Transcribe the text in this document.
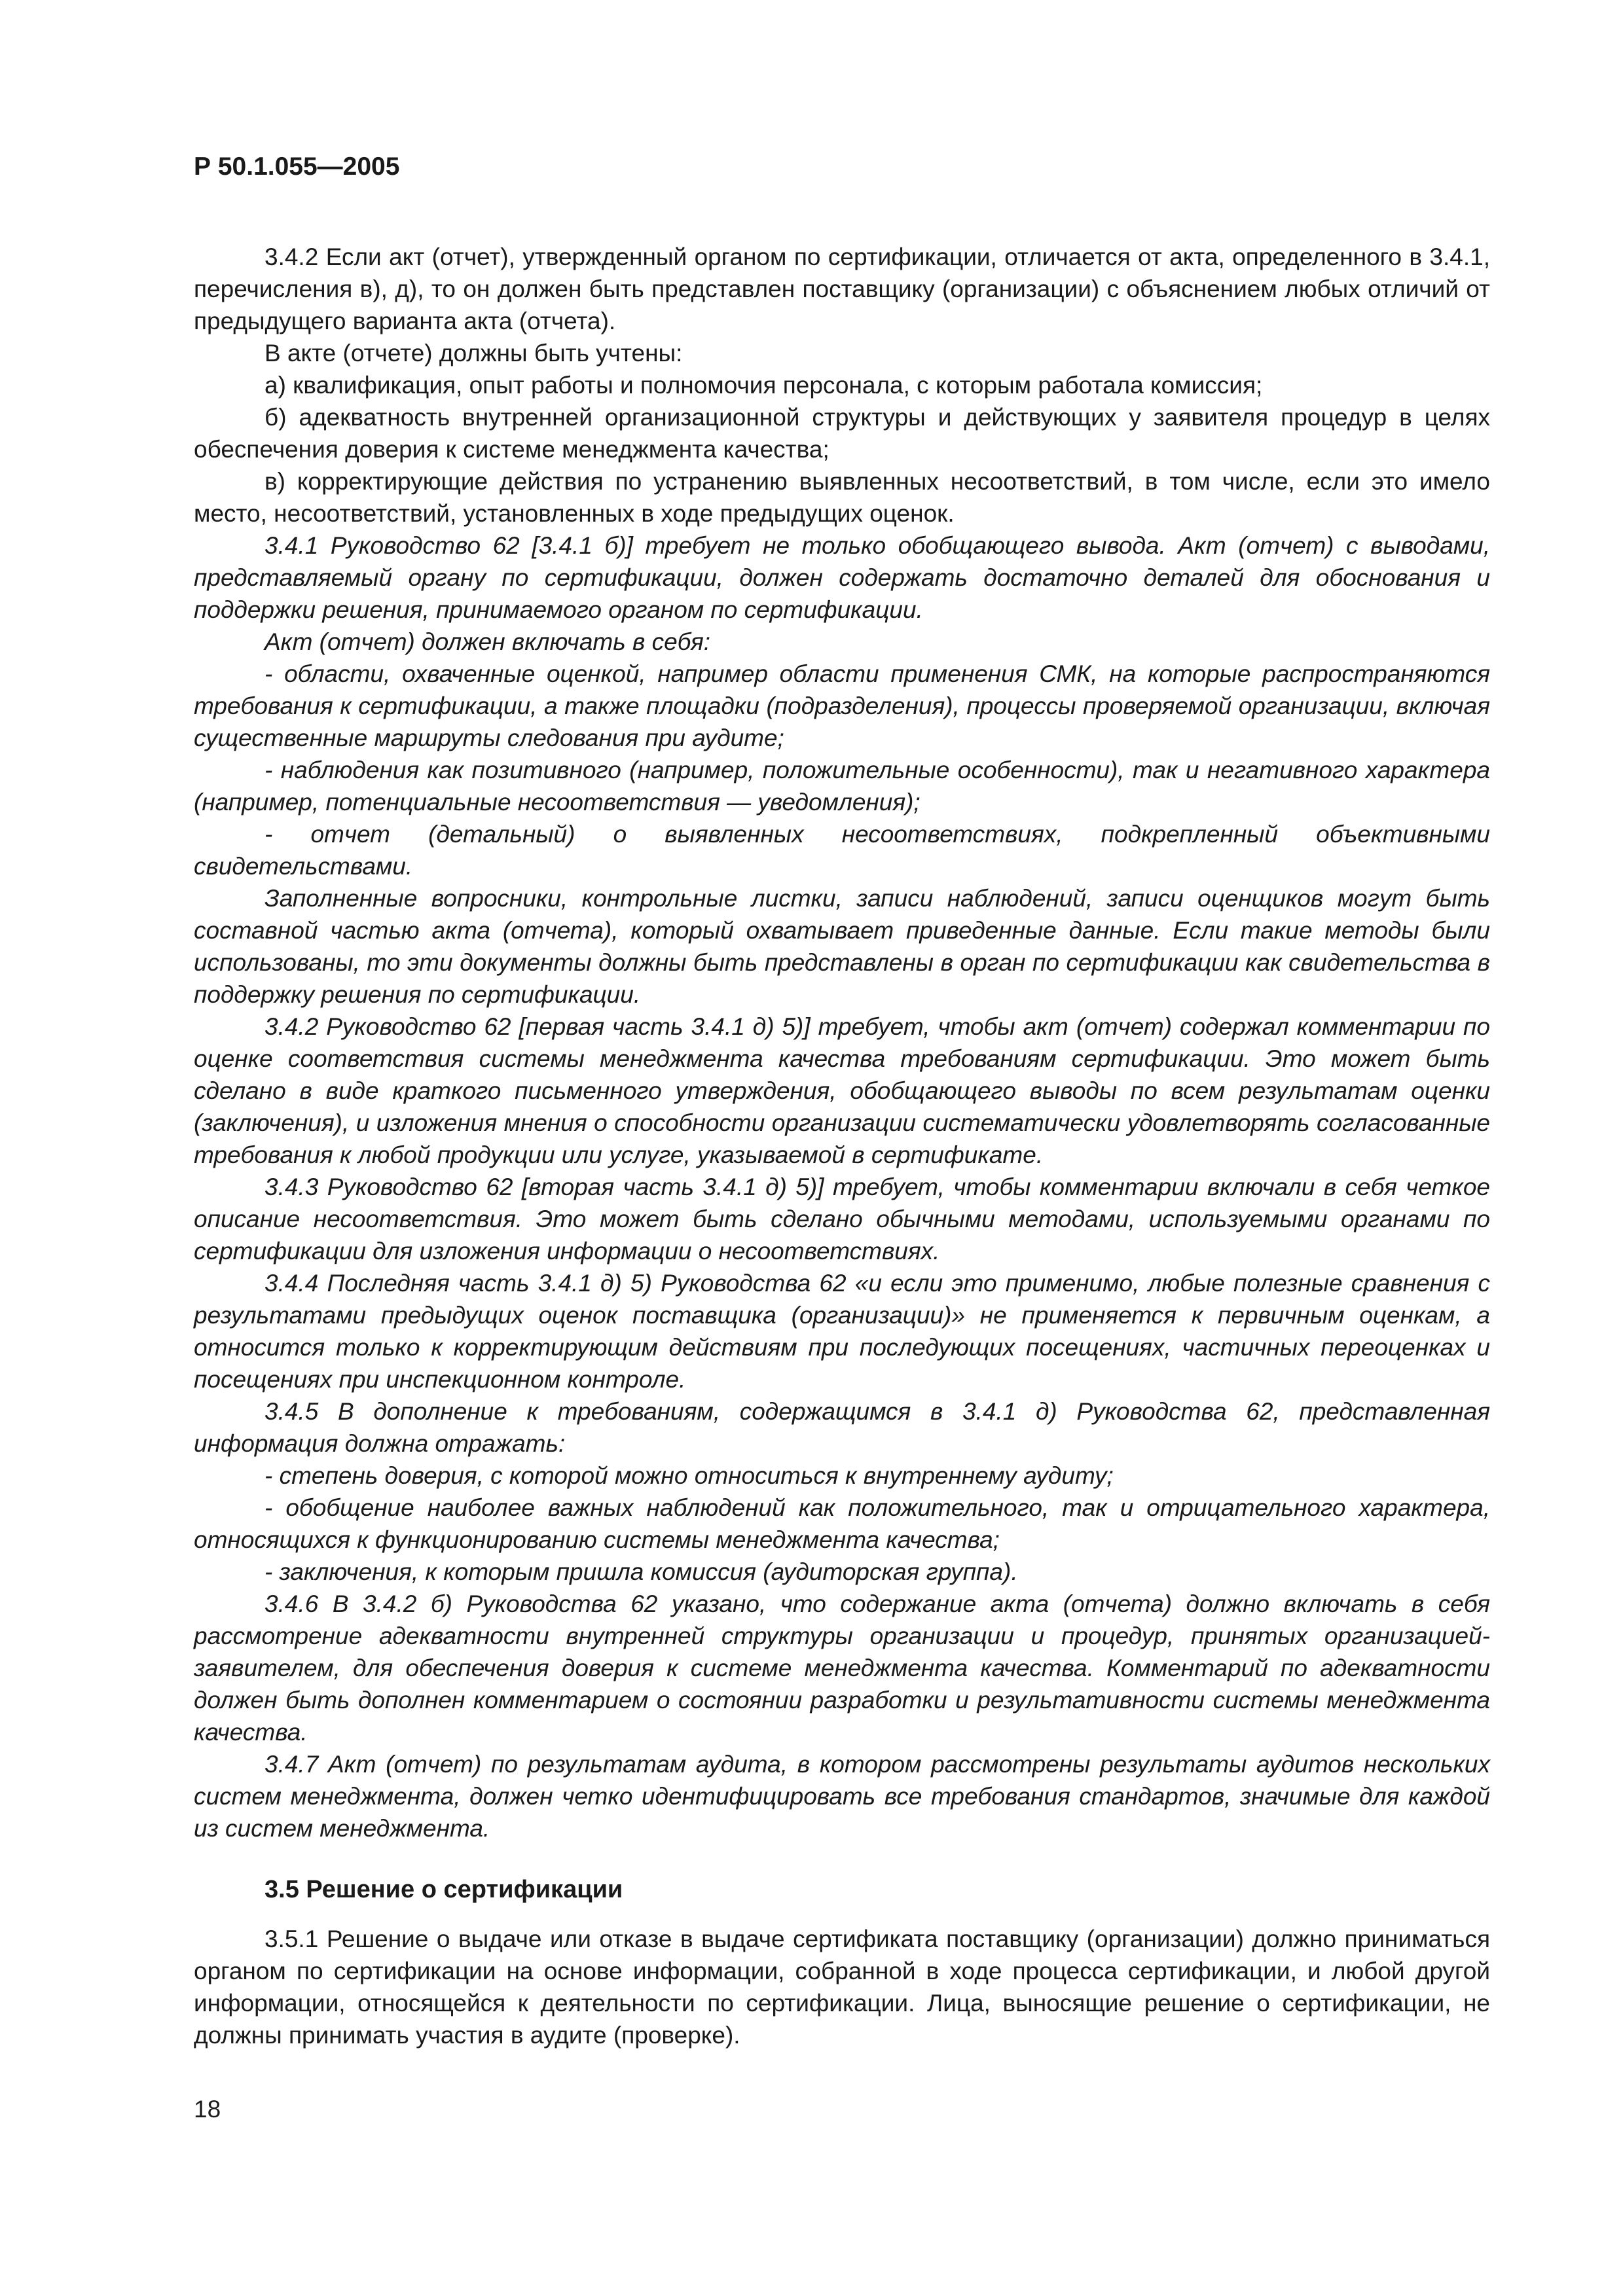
Р 50.1.055—2005

3.4.2 Если акт (отчет), утвержденный органом по сертификации, отличается от акта, определенного в 3.4.1, перечисления в), д), то он должен быть представлен поставщику (организации) с объяснением любых отличий от предыдущего варианта акта (отчета).

В акте (отчете) должны быть учтены:

а) квалификация, опыт работы и полномочия персонала, с которым работала комиссия;

б) адекватность внутренней организационной структуры и действующих у заявителя процедур в целях обеспечения доверия к системе менеджмента качества;

в) корректирующие действия по устранению выявленных несоответствий, в том числе, если это имело место, несоответствий, установленных в ходе предыдущих оценок.

3.4.1 Руководство 62 [3.4.1 б)] требует не только обобщающего вывода. Акт (отчет) с выводами, представляемый органу по сертификации, должен содержать достаточно деталей для обоснования и поддержки решения, принимаемого органом по сертификации.

Акт (отчет) должен включать в себя:

- области, охваченные оценкой, например области применения СМК, на которые распространяются требования к сертификации, а также площадки (подразделения), процессы проверяемой организации, включая существенные маршруты следования при аудите;

- наблюдения как позитивного (например, положительные особенности), так и негативного характера (например, потенциальные несоответствия — уведомления);

- отчет (детальный) о выявленных несоответствиях, подкрепленный объективными свидетельствами.

Заполненные вопросники, контрольные листки, записи наблюдений, записи оценщиков могут быть составной частью акта (отчета), который охватывает приведенные данные. Если такие методы были использованы, то эти документы должны быть представлены в орган по сертификации как свидетельства в поддержку решения по сертификации.

3.4.2 Руководство 62 [первая часть 3.4.1 д) 5)] требует, чтобы акт (отчет) содержал комментарии по оценке соответствия системы менеджмента качества требованиям сертификации. Это может быть сделано в виде краткого письменного утверждения, обобщающего выводы по всем результатам оценки (заключения), и изложения мнения о способности организации систематически удовлетворять согласованные требования к любой продукции или услуге, указываемой в сертификате.

3.4.3 Руководство 62 [вторая часть 3.4.1 д) 5)] требует, чтобы комментарии включали в себя четкое описание несоответствия. Это может быть сделано обычными методами, используемыми органами по сертификации для изложения информации о несоответствиях.

3.4.4 Последняя часть 3.4.1 д) 5) Руководства 62 «и если это применимо, любые полезные сравнения с результатами предыдущих оценок поставщика (организации)» не применяется к первичным оценкам, а относится только к корректирующим действиям при последующих посещениях, частичных переоценках и посещениях при инспекционном контроле.

3.4.5 В дополнение к требованиям, содержащимся в 3.4.1 д) Руководства 62, представленная информация должна отражать:

- степень доверия, с которой можно относиться к внутреннему аудиту;

- обобщение наиболее важных наблюдений как положительного, так и отрицательного характера, относящихся к функционированию системы менеджмента качества;

- заключения, к которым пришла комиссия (аудиторская группа).

3.4.6 В 3.4.2 б) Руководства 62 указано, что содержание акта (отчета) должно включать в себя рассмотрение адекватности внутренней структуры организации и процедур, принятых организацией-заявителем, для обеспечения доверия к системе менеджмента качества. Комментарий по адекватности должен быть дополнен комментарием о состоянии разработки и результативности системы менеджмента качества.

3.4.7 Акт (отчет) по результатам аудита, в котором рассмотрены результаты аудитов нескольких систем менеджмента, должен четко идентифицировать все требования стандартов, значимые для каждой из систем менеджмента.

3.5 Решение о сертификации

3.5.1 Решение о выдаче или отказе в выдаче сертификата поставщику (организации) должно приниматься органом по сертификации на основе информации, собранной в ходе процесса сертификации, и любой другой информации, относящейся к деятельности по сертификации. Лица, выносящие решение о сертификации, не должны принимать участия в аудите (проверке).

18
